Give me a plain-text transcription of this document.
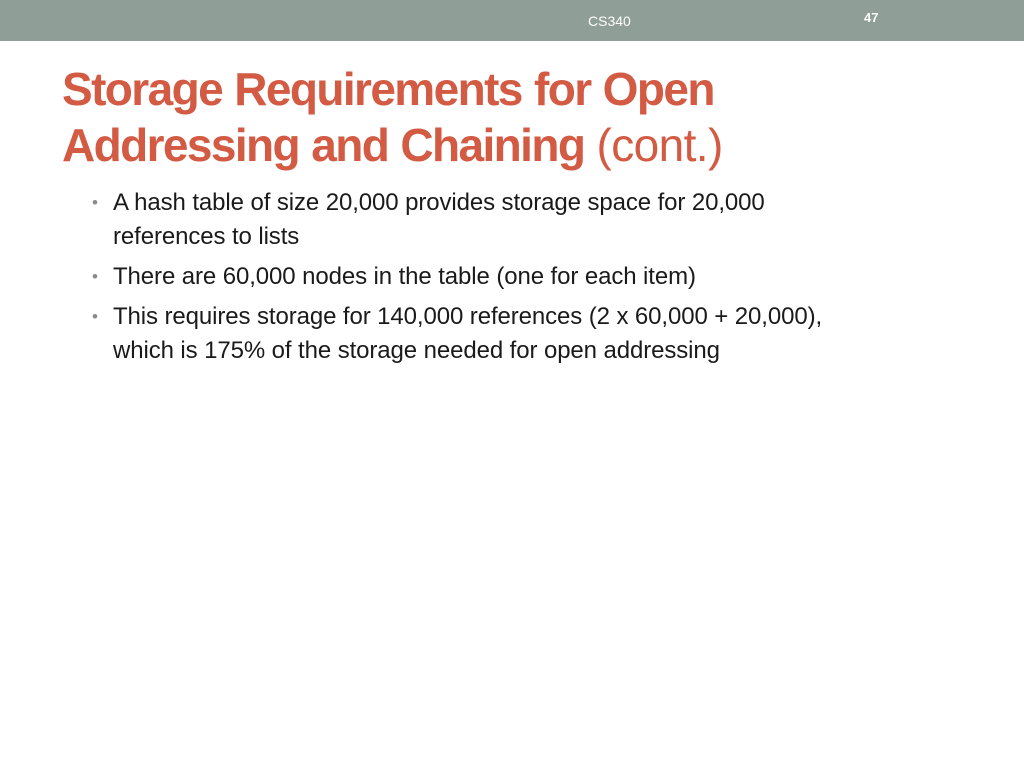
CS340	47
Storage Requirements for Open
Addressing and Chaining (cont.)
• A hash table of size 20,000 provides storage space for 20,000
references to lists
• There are 60,000 nodes in the table (one for each item)
• This requires storage for 140,000 references (2 x 60,000 + 20,000),
which is 175% of the storage needed for open addressing
